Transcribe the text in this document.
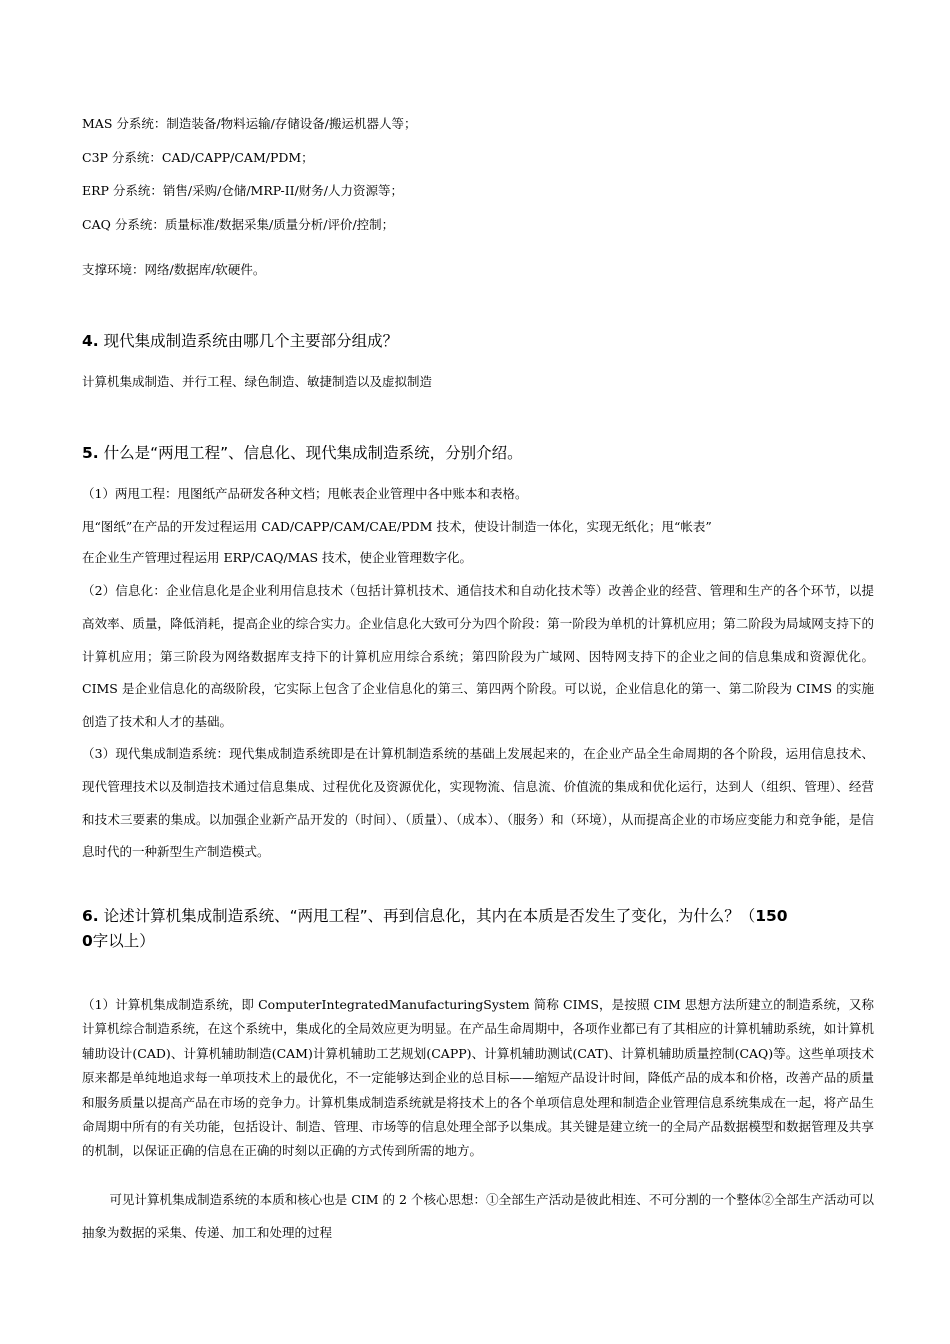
MAS 分系统：制造装备/物料运输/存储设备/搬运机器人等；
C3P 分系统：CAD/CAPP/CAM/PDM；
ERP 分系统：销售/采购/仓储/MRP-II/财务/人力资源等；
CAQ 分系统：质量标准/数据采集/质量分析/评价/控制；
支撑环境：网络/数据库/软硬件。
4. 现代集成制造系统由哪几个主要部分组成？
计算机集成制造、并行工程、绿色制造、敏捷制造以及虚拟制造
5. 什么是“两甩工程”、信息化、现代集成制造系统，分别介绍。
（1）两甩工程：甩图纸产品研发各种文档；甩帐表企业管理中各中账本和表格。
甩“图纸”在产品的开发过程运用 CAD/CAPP/CAM/CAE/PDM 技术，使设计制造一体化，实现无纸化；甩“帐表”
在企业生产管理过程运用 ERP/CAQ/MAS 技术，使企业管理数字化。
（2）信息化：企业信息化是企业利用信息技术（包括计算机技术、通信技术和自动化技术等）改善企业的经营、管理和生产的各个环节，以提高效率、质量，降低消耗，提高企业的综合实力。企业信息化大致可分为四个阶段：第一阶段为单机的计算机应用；第二阶段为局域网支持下的计算机应用；第三阶段为网络数据库支持下的计算机应用综合系统；第四阶段为广域网、因特网支持下的企业之间的信息集成和资源优化。CIMS 是企业信息化的高级阶段，它实际上包含了企业信息化的第三、第四两个阶段。可以说，企业信息化的第一、第二阶段为 CIMS 的实施创造了技术和人才的基础。
（3）现代集成制造系统：现代集成制造系统即是在计算机制造系统的基础上发展起来的，在企业产品全生命周期的各个阶段，运用信息技术、现代管理技术以及制造技术通过信息集成、过程优化及资源优化，实现物流、信息流、价值流的集成和优化运行，达到人（组织、管理）、经营和技术三要素的集成。以加强企业新产品开发的（时间）、（质量）、（成本）、（服务）和（环境），从而提高企业的市场应变能力和竞争能，是信息时代的一种新型生产制造模式。
6. 论述计算机集成制造系统、“两甩工程”、再到信息化，其内在本质是否发生了变化，为什么？（150
0字以上）
（1）计算机集成制造系统，即 ComputerIntegratedManufacturingSystem 简称 CIMS，是按照 CIM 思想方法所建立的制造系统，又称计算机综合制造系统，在这个系统中，集成化的全局效应更为明显。在产品生命周期中，各项作业都已有了其相应的计算机辅助系统，如计算机辅助设计(CAD)、计算机辅助制造(CAM)计算机辅助工艺规划(CAPP)、计算机辅助测试(CAT)、计算机辅助质量控制(CAQ)等。这些单项技术原来都是单纯地追求每一单项技术上的最优化，不一定能够达到企业的总目标——缩短产品设计时间，降低产品的成本和价格，改善产品的质量和服务质量以提高产品在市场的竞争力。计算机集成制造系统就是将技术上的各个单项信息处理和制造企业管理信息系统集成在一起，将产品生命周期中所有的有关功能，包括设计、制造、管理、市场等的信息处理全部予以集成。其关键是建立统一的全局产品数据模型和数据管理及共享的机制，以保证正确的信息在正确的时刻以正确的方式传到所需的地方。
可见计算机集成制造系统的本质和核心也是 CIM 的 2 个核心思想：①全部生产活动是彼此相连、不可分割的一个整体②全部生产活动可以抽象为数据的采集、传递、加工和处理的过程
